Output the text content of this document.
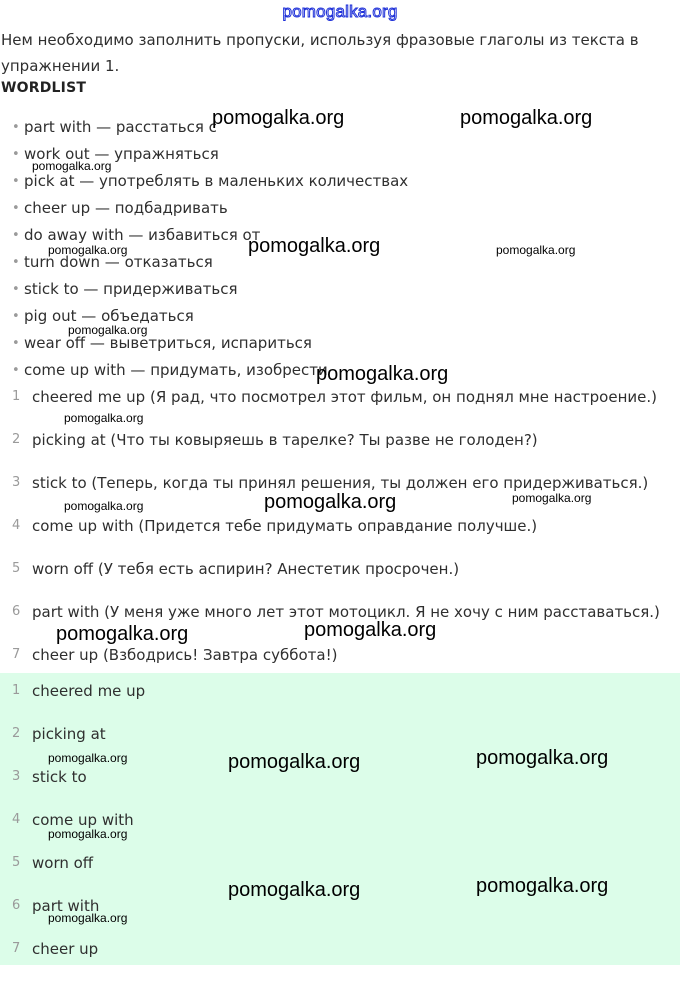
pomogalka.org
Нем необходимо заполнить пропуски, используя фразовые глаголы из текста в упражнении 1.
WORDLIST
• part with — расстаться с
• work out — упражняться
• pick at — употреблять в маленьких количествах
• cheer up — подбадривать
• do away with — избавиться от
• turn down — отказаться
• stick to — придерживаться
• pig out — объедаться
• wear off — выветриться, испариться
• come up with — придумать, изобрести
1 cheered me up (Я рад, что посмотрел этот фильм, он поднял мне настроение.)
2 picking at (Что ты ковыряешь в тарелке? Ты разве не голоден?)
3 stick to (Теперь, когда ты принял решения, ты должен его придерживаться.)
4 come up with (Придется тебе придумать оправдание получше.)
5 worn off (У тебя есть аспирин? Анестетик просрочен.)
6 part with (У меня уже много лет этот мотоцикл. Я не хочу с ним расставаться.)
7 cheer up (Взбодрись! Завтра суббота!)
1 cheered me up
2 picking at
3 stick to
4 come up with
5 worn off
6 part with
7 cheer up
pomogalka.org	pomogalka.org
pomogalka.org
pomogalka.org
pomogalka.org	pomogalka.org
pomogalka.org
pomogalka.org
pomogalka.org
pomogalka.org
pomogalka.org
pomogalka.org
pomogalka.org
pomogalka.org
pomogalka.org
pomogalka.org	pomogalka.org
pomogalka.org
pomogalka.org
pomogalka.org
pomogalka.org
